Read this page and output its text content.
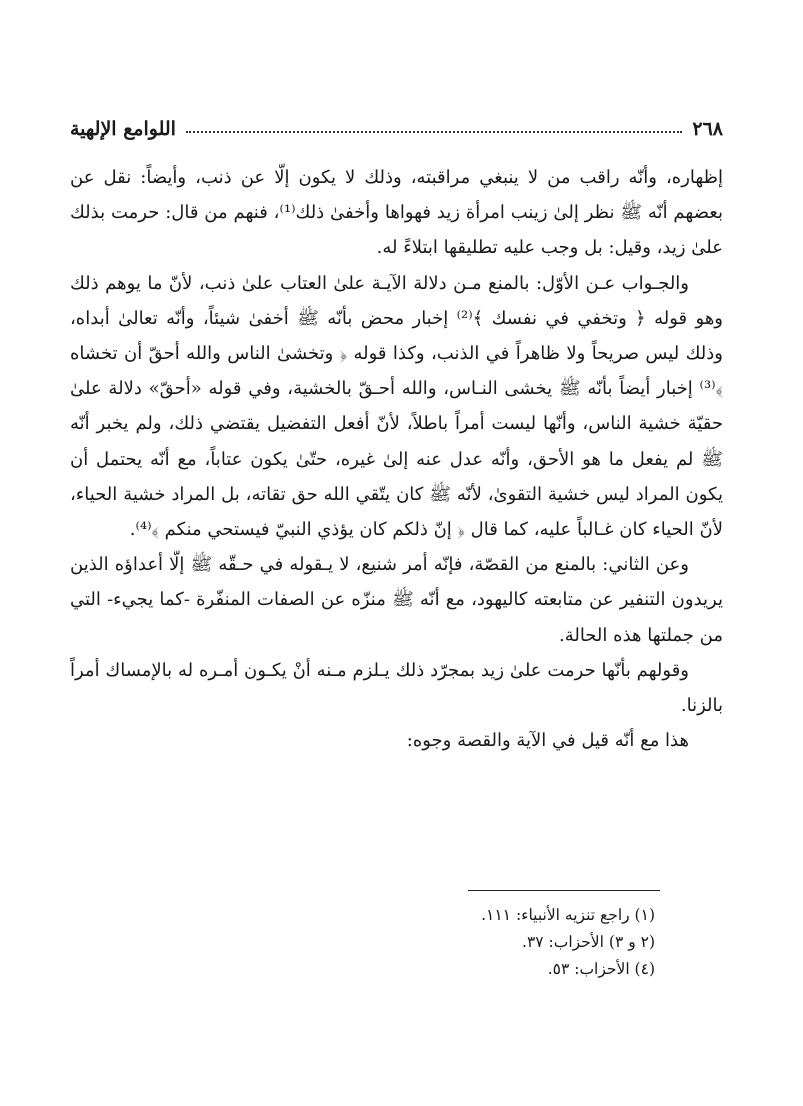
٢٦٨
اللوامع الإلهية

إظهاره، وأنّه راقب من لا ينبغي مراقبته، وذلك لا يكون إلّا عن ذنب، وأيضاً: نقل عن بعضهم أنّه ﷺ نظر إلىٰ زينب امرأة زيد فهواها وأخفىٰ ذلك⁽¹⁾، فنهم من قال: حرمت بذلك علىٰ زيد، وقيل: بل وجب عليه تطليقها ابتلاءً له.

والجـواب عـن الأوّل: بالمنع مـن دلالة الآيـة علىٰ العتاب علىٰ ذنب، لأنّ ما يوهم ذلك وهو قوله ﴿ وتخفي في نفسك ﴾⁽²⁾ إخبار محض بأنّه ﷺ أخفىٰ شيئاً، وأنّه تعالىٰ أبداه، وذلك ليس صريحاً ولا ظاهراً في الذنب، وكذا قوله ﴿ وتخشىٰ الناس والله أحقّ أن تخشاه ﴾⁽³⁾ إخبار أيضاً بأنّه ﷺ يخشى النـاس، والله أحـقّ بالخشية، وفي قوله «أحقّ» دلالة علىٰ حقيّة خشية الناس، وأنّها ليست أمراً باطلاً، لأنّ أفعل التفضيل يقتضي ذلك، ولم يخبر أنّه ﷺ لم يفعل ما هو الأحق، وأنّه عدل عنه إلىٰ غيره، حتّىٰ يكون عتاباً، مع أنّه يحتمل أن يكون المراد ليس خشية التقوىٰ، لأنّه ﷺ كان يتّقي الله حق تقاته، بل المراد خشية الحياء، لأنّ الحياء كان غـالباً عليه، كما قال ﴿ إنّ ذلكم كان يؤذي النبيّ فيستحي منكم ﴾⁽⁴⁾.

وعن الثاني: بالمنع من القصّة، فإنّه أمر شنيع، لا يـقوله في حـقّه ﷺ إلّا أعداؤه الذين يريدون التنفير عن متابعته كاليهود، مع أنّه ﷺ منزّه عن الصفات المنفّرة -كما يجيء- التي من جملتها هذه الحالة.

وقولهم بأنّها حرمت علىٰ زيد بمجرّد ذلك يـلزم مـنه أنْ يكـون أمـره له بالإمساك أمراً بالزنا.

هذا مع أنّه قيل في الآية والقصة وجوه:

(١) راجع تنزيه الأنبياء: ١١١.
(٢ و ٣) الأحزاب: ٣٧.
(٤) الأحزاب: ٥٣.
